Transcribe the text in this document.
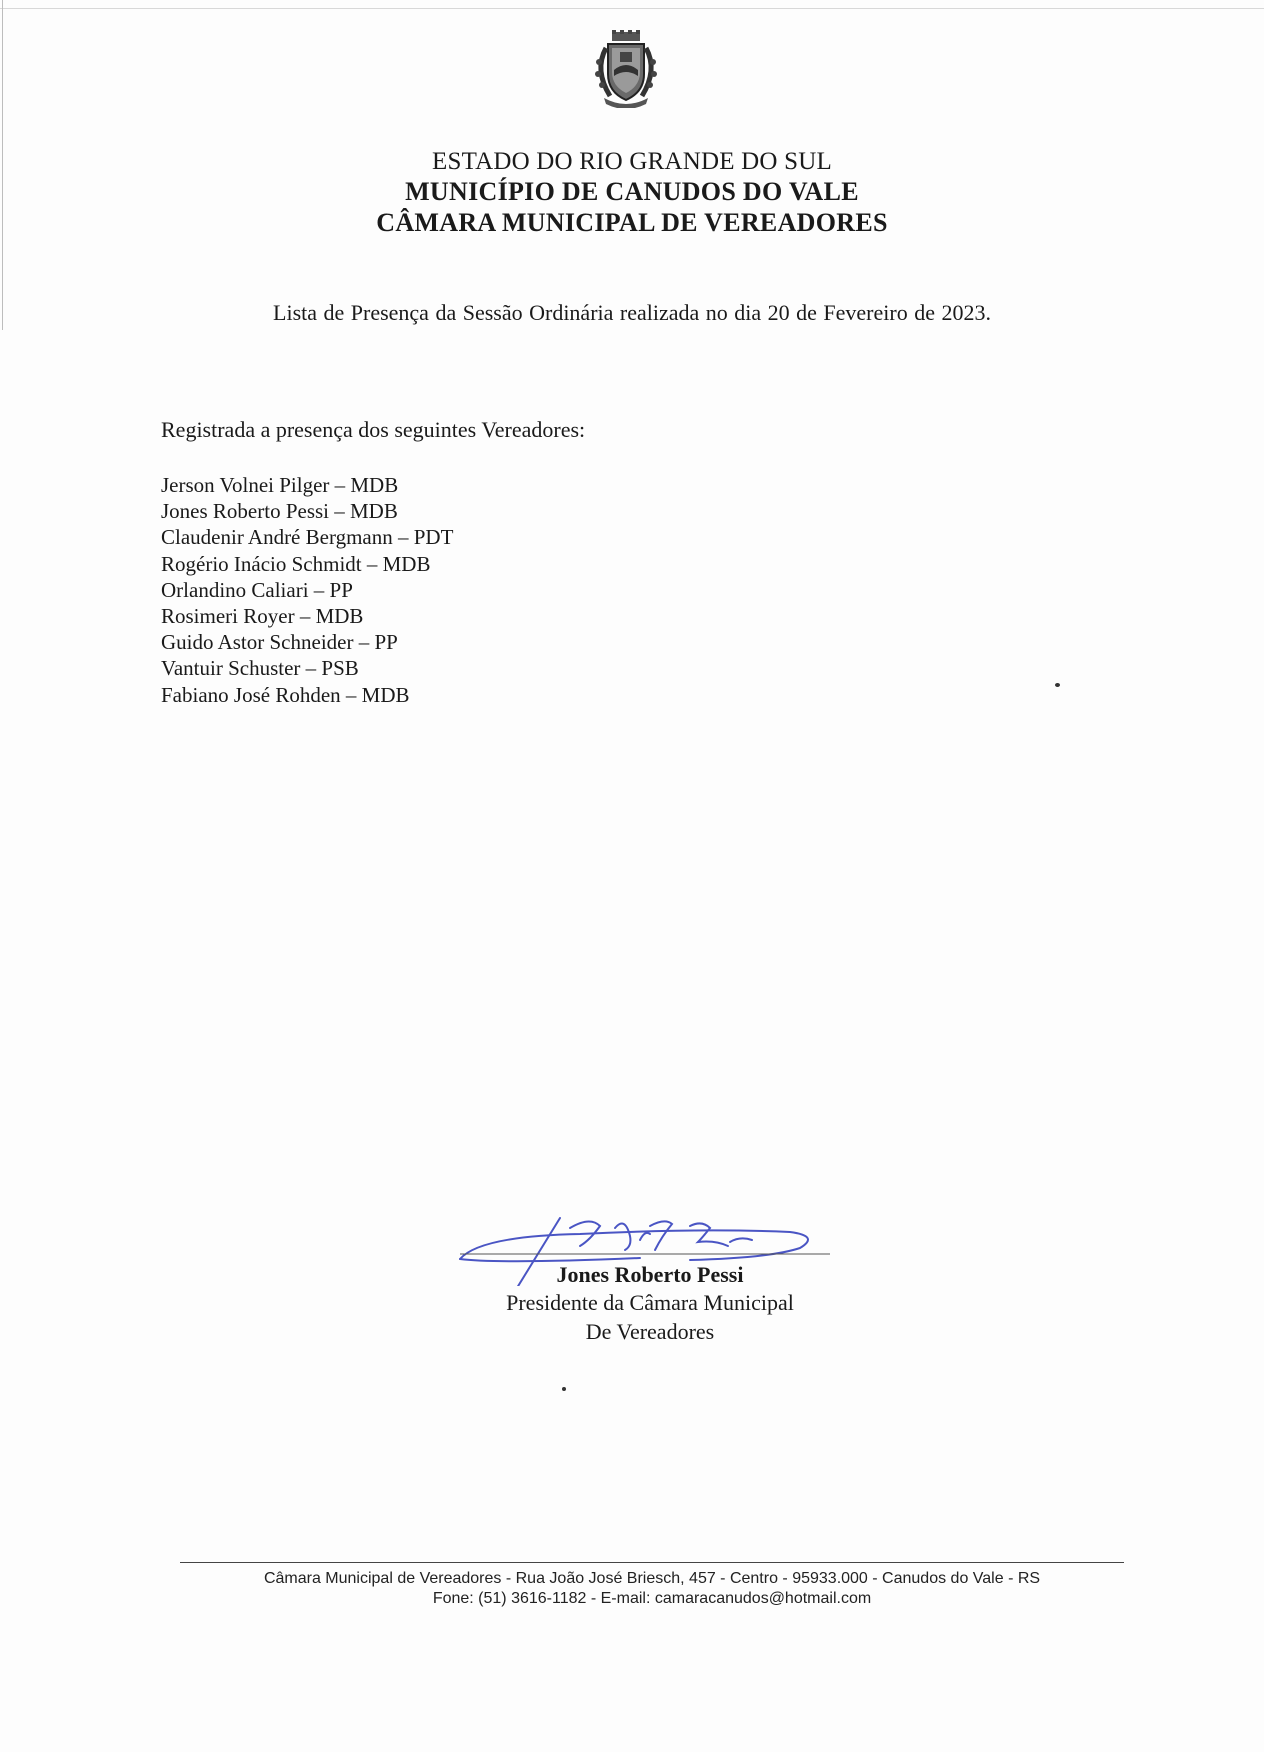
ESTADO DO RIO GRANDE DO SUL
MUNICÍPIO DE CANUDOS DO VALE
CÂMARA MUNICIPAL DE VEREADORES
Lista de Presença da Sessão Ordinária realizada no dia 20 de Fevereiro de 2023.
Registrada a presença dos seguintes Vereadores:
Jerson Volnei Pilger – MDB
Jones Roberto Pessi – MDB
Claudenir André Bergmann – PDT
Rogério Inácio Schmidt – MDB
Orlandino Caliari – PP
Rosimeri Royer – MDB
Guido Astor Schneider – PP
Vantuir Schuster – PSB
Fabiano José Rohden – MDB
Jones Roberto Pessi
Presidente da Câmara Municipal
De Vereadores
Câmara Municipal de Vereadores - Rua João José Briesch, 457 - Centro - 95933.000 - Canudos do Vale - RS
Fone: (51) 3616-1182 - E-mail: camaracanudos@hotmail.com
